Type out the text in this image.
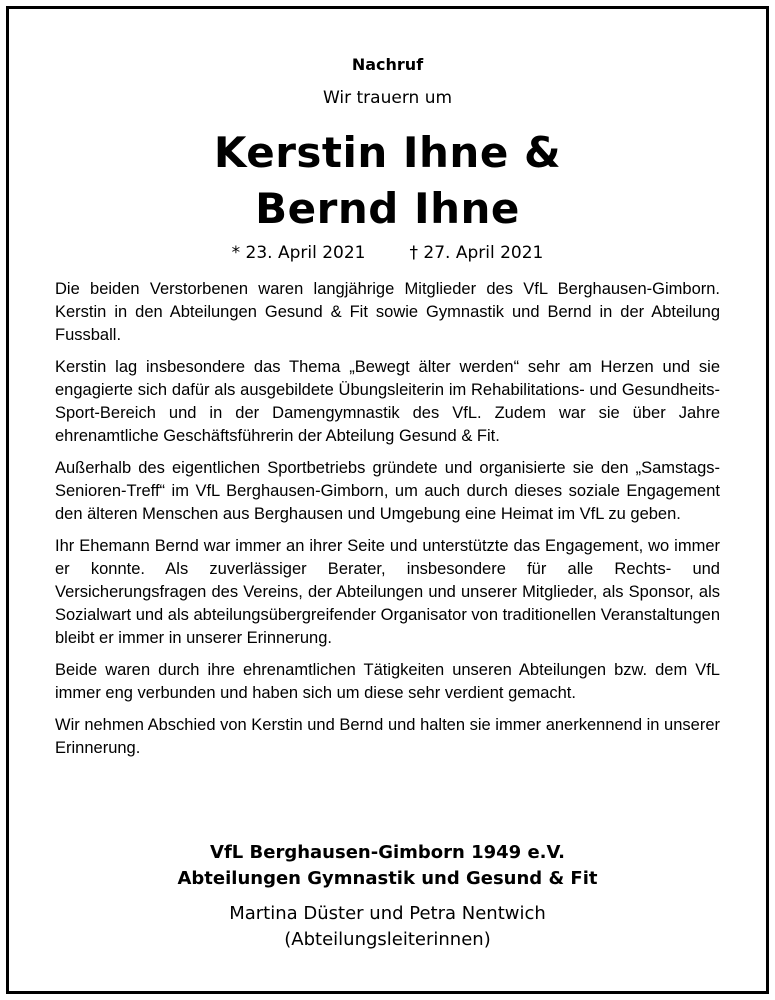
Nachruf
Wir trauern um
Kerstin Ihne &
Bernd Ihne
* 23. April 2021	† 27. April 2021

Die beiden Verstorbenen waren langjährige Mitglieder des VfL Berghausen-Gimborn. Kerstin in den Abteilungen Gesund & Fit sowie Gymnastik und Bernd in der Abteilung Fussball.

Kerstin lag insbesondere das Thema „Bewegt älter werden“ sehr am Herzen und sie engagierte sich dafür als ausgebildete Übungsleiterin im Rehabilitations- und Gesundheits-Sport-Bereich und in der Damengymnastik des VfL. Zudem war sie über Jahre ehrenamtliche Geschäftsführerin der Abteilung Gesund & Fit.

Außerhalb des eigentlichen Sportbetriebs gründete und organisierte sie den „Samstags-Senioren-Treff“ im VfL Berghausen-Gimborn, um auch durch dieses soziale Engagement den älteren Menschen aus Berghausen und Umgebung eine Heimat im VfL zu geben.

Ihr Ehemann Bernd war immer an ihrer Seite und unterstützte das Engagement, wo immer er konnte. Als zuverlässiger Berater, insbesondere für alle Rechts- und Versicherungsfragen des Vereins, der Abteilungen und unserer Mitglieder, als Sponsor, als Sozialwart und als abteilungsübergreifender Organisator von traditionellen Veranstaltungen bleibt er immer in unserer Erinnerung.

Beide waren durch ihre ehrenamtlichen Tätigkeiten unseren Abteilungen bzw. dem VfL immer eng verbunden und haben sich um diese sehr verdient gemacht.

Wir nehmen Abschied von Kerstin und Bernd und halten sie immer anerkennend in unserer Erinnerung.

VfL Berghausen-Gimborn 1949 e.V.
Abteilungen Gymnastik und Gesund & Fit
Martina Düster und Petra Nentwich
(Abteilungsleiterinnen)
